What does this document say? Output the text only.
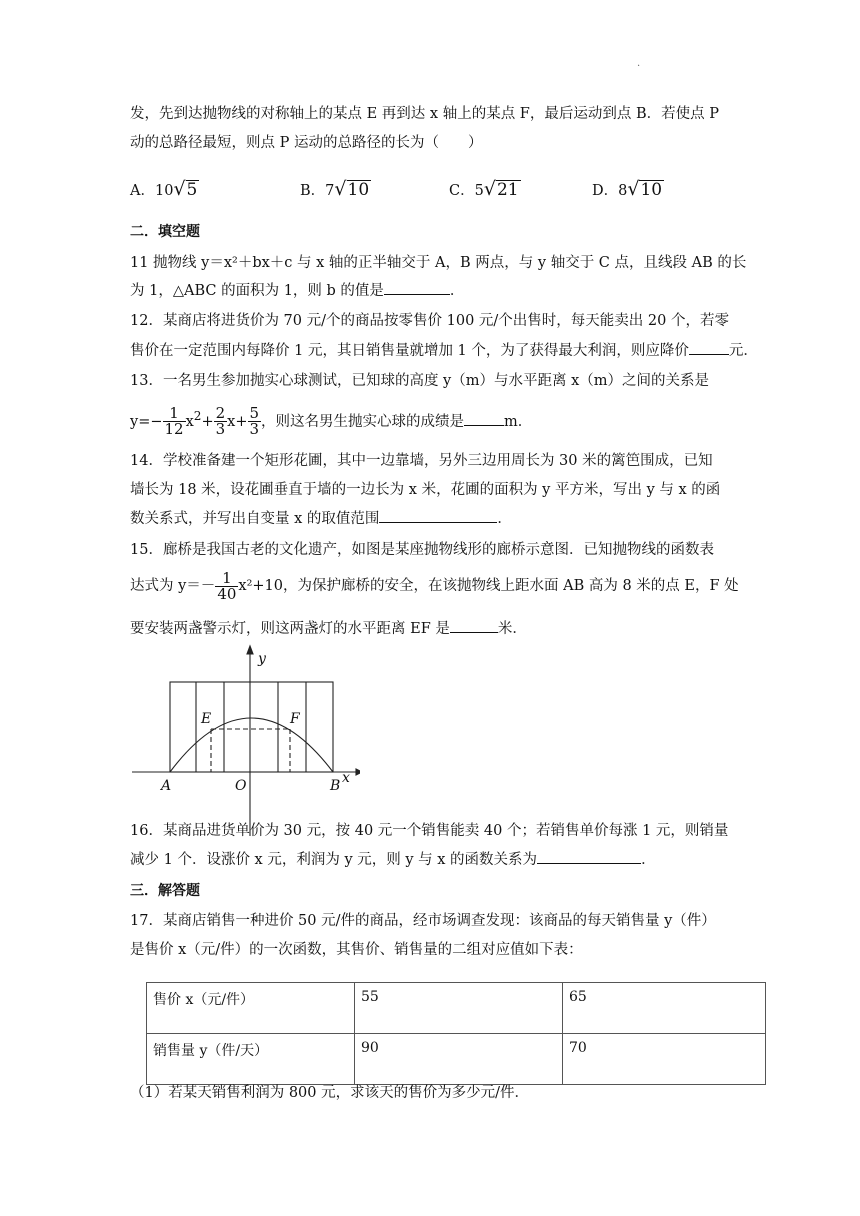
.
发，先到达抛物线的对称轴上的某点 E 再到达 x 轴上的某点 F，最后运动到点 B．若使点 P
动的总路径最短，则点 P 运动的总路径的长为（　　）
A．10√5	B．7√10	C．5√21	D．8√10
二．填空题
11 抛物线 y＝x²＋bx＋c 与 x 轴的正半轴交于 A，B 两点，与 y 轴交于 C 点，且线段 AB 的长
为 1，△ABC 的面积为 1，则 b 的值是	．
12．某商店将进货价为 70 元/个的商品按零售价 100 元/个出售时，每天能卖出 20 个，若零
售价在一定范围内每降价 1 元，其日销售量就增加 1 个，为了获得最大利润，则应降价	元．
13．一名男生参加抛实心球测试，已知球的高度 y（m）与水平距离 x（m）之间的关系是
$y=- \frac{1}{12} x^2+ \frac{2}{3} x+ \frac{5}{3}$ ，则这名男生抛实心球的成绩是	m．
14．学校准备建一个矩形花圃，其中一边靠墙，另外三边用周长为 30 米的篱笆围成，已知
墙长为 18 米，设花圃垂直于墙的一边长为 x 米，花圃的面积为 y 平方米，写出 y 与 x 的函
数关系式，并写出自变量 x 的取值范围	．
15．廊桥是我国古老的文化遗产，如图是某座抛物线形的廊桥示意图．已知抛物线的函数表
达式为 $y=- \frac{1}{40} x^2+10$，为保护廊桥的安全，在该抛物线上距水面 AB 高为 8 米的点 E，F 处
要安装两盏警示灯，则这两盏灯的水平距离 EF 是	米．
y
x
E	F
A	O	B
16．某商品进货单价为 30 元，按 40 元一个销售能卖 40 个；若销售单价每涨 1 元，则销量
减少 1 个．设涨价 x 元，利润为 y 元，则 y 与 x 的函数关系为	．
三．解答题
17．某商店销售一种进价 50 元/件的商品，经市场调查发现：该商品的每天销售量 y（件）
是售价 x（元/件）的一次函数，其售价、销售量的二组对应值如下表：
售价 x（元/件）	55	65
销售量 y（件/天）	90	70
（1）若某天销售利润为 800 元，求该天的售价为多少元/件．
